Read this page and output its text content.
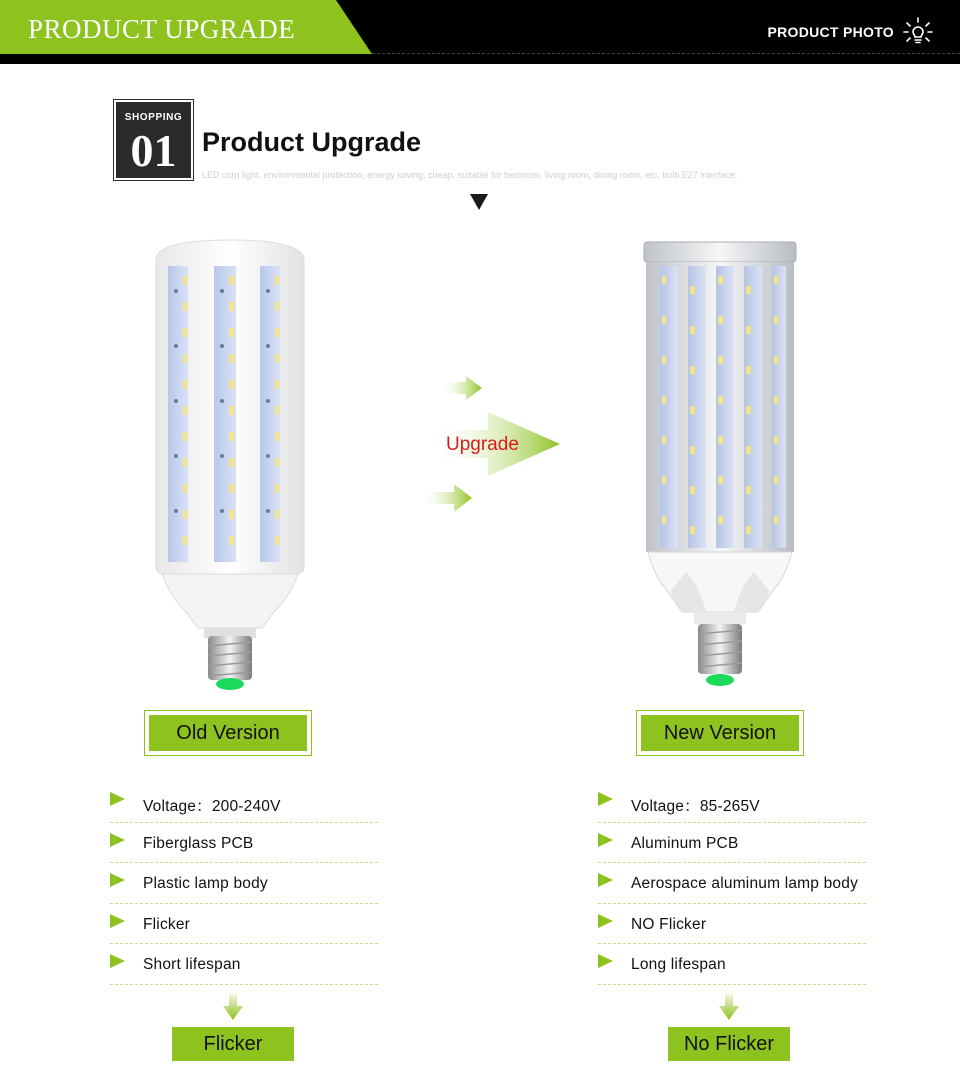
PRODUCT UPGRADE	PRODUCT PHOTO
SHOPPING
01 Product Upgrade
LED corn light, environmental protection, energy saving, cheap, suitable for bedroom, living room, dining room, etc. bulb E27 interface.
Upgrade
Old Version	New Version
Voltage：200-240V
Fiberglass PCB
Plastic lamp body
Flicker
Short lifespan
Voltage：85-265V
Aluminum PCB
Aerospace aluminum lamp body
NO Flicker
Long lifespan
Flicker	No Flicker
